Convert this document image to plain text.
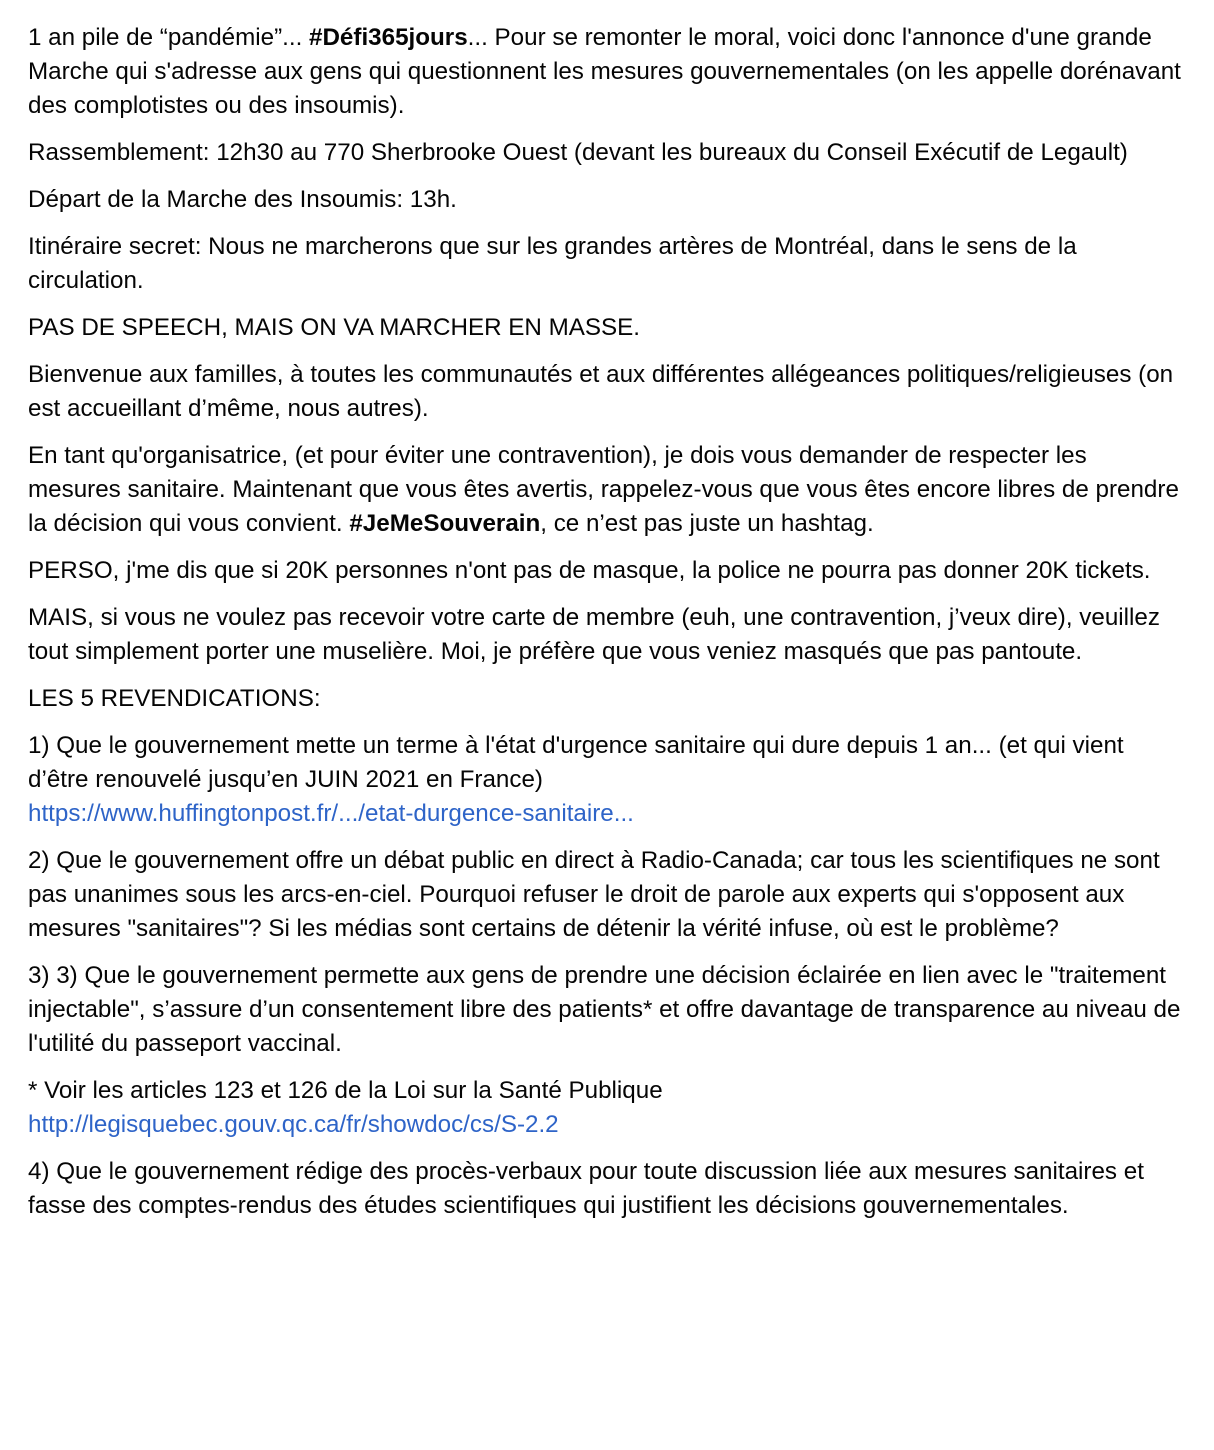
1 an pile de “pandémie”... #Défi365jours... Pour se remonter le moral, voici donc l'annonce d'une grande Marche qui s'adresse aux gens qui questionnent les mesures gouvernementales (on les appelle dorénavant des complotistes ou des insoumis).

Rassemblement: 12h30 au 770 Sherbrooke Ouest (devant les bureaux du Conseil Exécutif de Legault)

Départ de la Marche des Insoumis: 13h.

Itinéraire secret: Nous ne marcherons que sur les grandes artères de Montréal, dans le sens de la circulation.

PAS DE SPEECH, MAIS ON VA MARCHER EN MASSE.

Bienvenue aux familles, à toutes les communautés et aux différentes allégeances politiques/religieuses (on est accueillant d’même, nous autres).

En tant qu'organisatrice, (et pour éviter une contravention), je dois vous demander de respecter les mesures sanitaire. Maintenant que vous êtes avertis, rappelez-vous que vous êtes encore libres de prendre la décision qui vous convient. #JeMeSouverain, ce n’est pas juste un hashtag.

PERSO, j'me dis que si 20K personnes n'ont pas de masque, la police ne pourra pas donner 20K tickets.

MAIS, si vous ne voulez pas recevoir votre carte de membre (euh, une contravention, j’veux dire), veuillez tout simplement porter une muselière. Moi, je préfère que vous veniez masqués que pas pantoute.

LES 5 REVENDICATIONS:

1) Que le gouvernement mette un terme à l'état d'urgence sanitaire qui dure depuis 1 an... (et qui vient d’être renouvelé jusqu’en JUIN 2021 en France)
https://www.huffingtonpost.fr/.../etat-durgence-sanitaire...

2) Que le gouvernement offre un débat public en direct à Radio-Canada; car tous les scientifiques ne sont pas unanimes sous les arcs-en-ciel. Pourquoi refuser le droit de parole aux experts qui s'opposent aux mesures "sanitaires"? Si les médias sont certains de détenir la vérité infuse, où est le problème?

3) 3) Que le gouvernement permette aux gens de prendre une décision éclairée en lien avec le "traitement injectable", s’assure d’un consentement libre des patients* et offre davantage de transparence au niveau de l'utilité du passeport vaccinal.

* Voir les articles 123 et 126 de la Loi sur la Santé Publique
http://legisquebec.gouv.qc.ca/fr/showdoc/cs/S-2.2

4) Que le gouvernement rédige des procès-verbaux pour toute discussion liée aux mesures sanitaires et fasse des comptes-rendus des études scientifiques qui justifient les décisions gouvernementales.
